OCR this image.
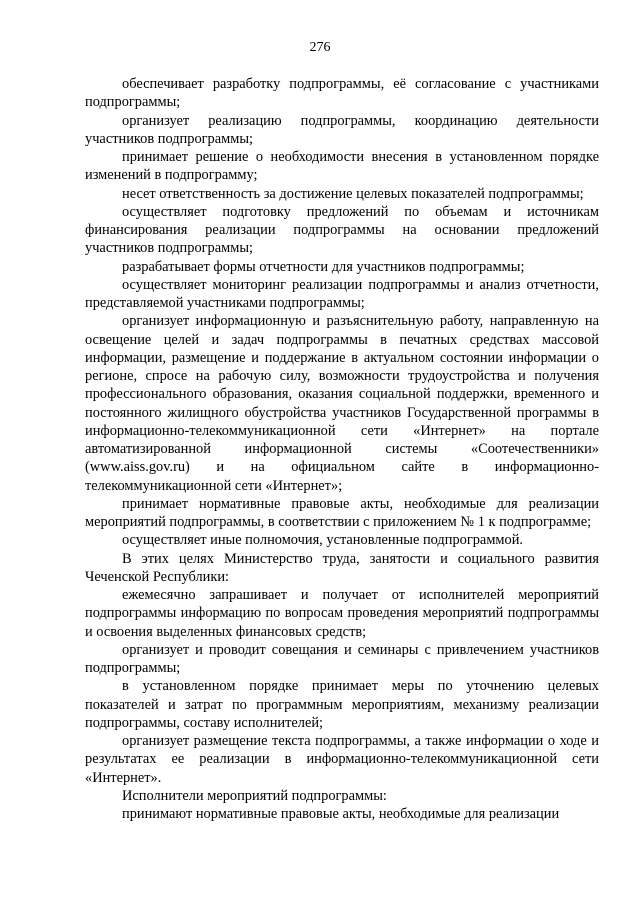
276

обеспечивает разработку подпрограммы, её согласование с участниками подпрограммы;

организует реализацию подпрограммы, координацию деятельности участников подпрограммы;

принимает решение о необходимости внесения в установленном порядке изменений в подпрограмму;

несет ответственность за достижение целевых показателей подпрограммы;

осуществляет подготовку предложений по объемам и источникам финансирования реализации подпрограммы на основании предложений участников подпрограммы;

разрабатывает формы отчетности для участников подпрограммы;

осуществляет мониторинг реализации подпрограммы и анализ отчетности, представляемой участниками подпрограммы;

организует информационную и разъяснительную работу, направленную на освещение целей и задач подпрограммы в печатных средствах массовой информации, размещение и поддержание в актуальном состоянии информации о регионе, спросе на рабочую силу, возможности трудоустройства и получения профессионального образования, оказания социальной поддержки, временного и постоянного жилищного обустройства участников Государственной программы в информационно-телекоммуникационной сети «Интернет» на портале автоматизированной информационной системы «Соотечественники» (www.aiss.gov.ru) и на официальном сайте в информационно-телекоммуникационной сети «Интернет»;

принимает нормативные правовые акты, необходимые для реализации мероприятий подпрограммы, в соответствии с приложением № 1 к подпрограмме;

осуществляет иные полномочия, установленные подпрограммой.

В этих целях Министерство труда, занятости и социального развития Чеченской Республики:

ежемесячно запрашивает и получает от исполнителей мероприятий подпрограммы информацию по вопросам проведения мероприятий подпрограммы и освоения выделенных финансовых средств;

организует и проводит совещания и семинары с привлечением участников подпрограммы;

в установленном порядке принимает меры по уточнению целевых показателей и затрат по программным мероприятиям, механизму реализации подпрограммы, составу исполнителей;

организует размещение текста подпрограммы, а также информации о ходе и результатах ее реализации в информационно-телекоммуникационной сети «Интернет».

Исполнители мероприятий подпрограммы:

принимают нормативные правовые акты, необходимые для реализации
